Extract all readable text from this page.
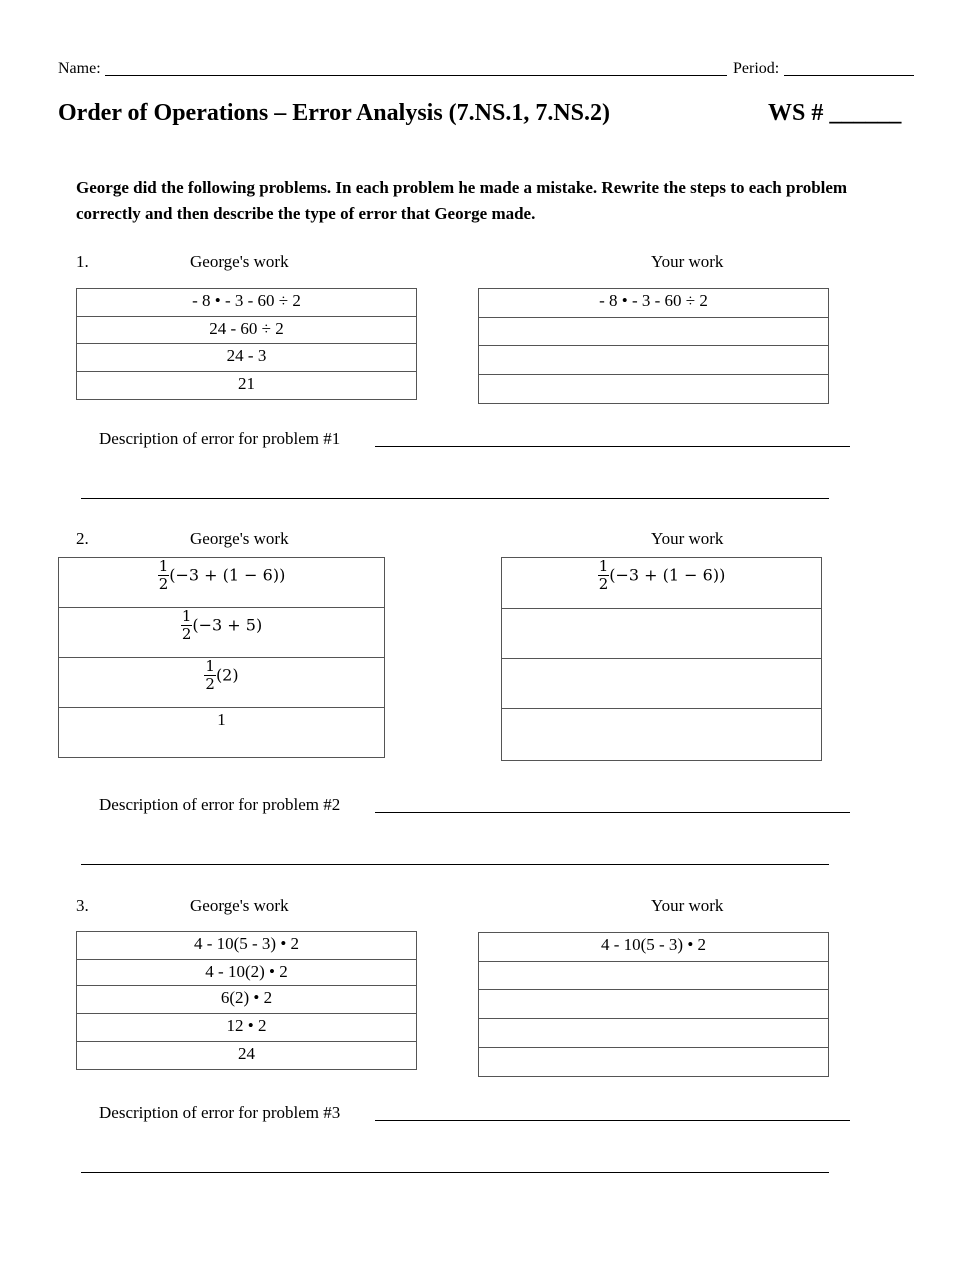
Name:	Period:
Order of Operations – Error Analysis (7.NS.1, 7.NS.2)	WS # ______
George did the following problems. In each problem he made a mistake. Rewrite the steps to each problem correctly and then describe the type of error that George made.
1.	George's work	Your work
- 8 • - 3 - 60 ÷ 2
24 - 60 ÷ 2
24 - 3
21
- 8 • - 3 - 60 ÷ 2

Description of error for problem #1
2.	George's work	Your work
$\frac{1}{2} (-3 + (1 - 6))$

$\frac{1}{2} (-3 + 5)$

$\frac{1}{2} (2)$
1
$\frac{1}{2} (-3 + (1 - 6))$

Description of error for problem #2
3.	George's work	Your work
4 - 10(5 - 3) • 2
4 - 10(2) • 2
6(2) • 2
12 • 2
24
4 - 10(5 - 3) • 2

Description of error for problem #3
